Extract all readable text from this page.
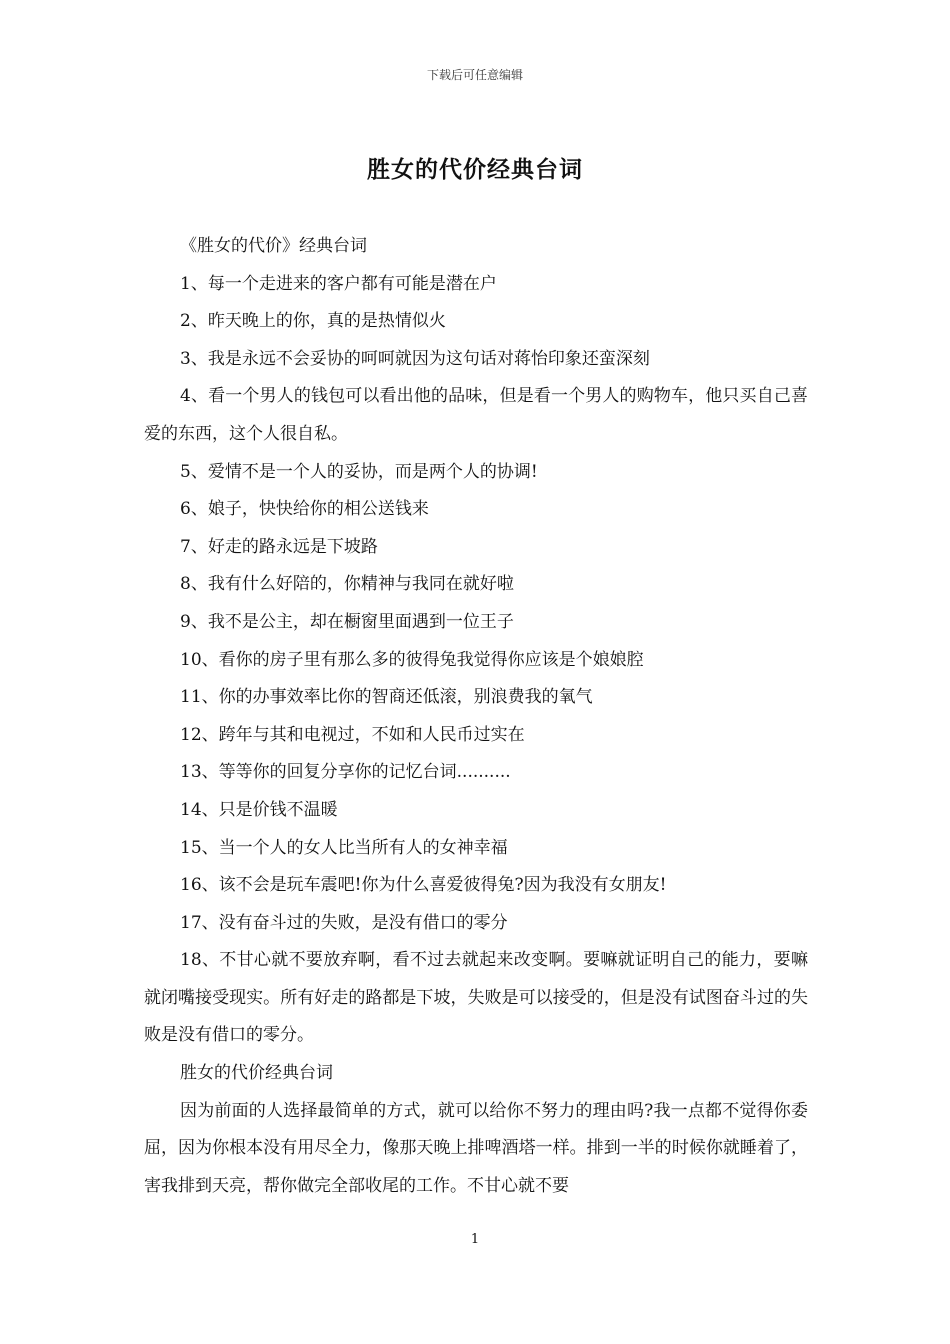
下载后可任意编辑
胜女的代价经典台词

《胜女的代价》经典台词

1、每一个走进来的客户都有可能是潜在户

2、昨天晚上的你，真的是热情似火

3、我是永远不会妥协的呵呵就因为这句话对蒋怡印象还蛮深刻

4、看一个男人的钱包可以看出他的品味，但是看一个男人的购物车，他只买自己喜爱的东西，这个人很自私。

5、爱情不是一个人的妥协，而是两个人的协调!

6、娘子，快快给你的相公送钱来

7、好走的路永远是下坡路

8、我有什么好陪的，你精神与我同在就好啦

9、我不是公主，却在橱窗里面遇到一位王子

10、看你的房子里有那么多的彼得兔我觉得你应该是个娘娘腔

11、你的办事效率比你的智商还低滚，别浪费我的氧气

12、跨年与其和电视过，不如和人民币过实在

13、等等你的回复分享你的记忆台词..........

14、只是价钱不温暖

15、当一个人的女人比当所有人的女神幸福

16、该不会是玩车震吧!你为什么喜爱彼得兔?因为我没有女朋友!

17、没有奋斗过的失败，是没有借口的零分

18、不甘心就不要放弃啊，看不过去就起来改变啊。要嘛就证明自己的能力，要嘛就闭嘴接受现实。所有好走的路都是下坡，失败是可以接受的，但是没有试图奋斗过的失败是没有借口的零分。

胜女的代价经典台词

因为前面的人选择最简单的方式，就可以给你不努力的理由吗?我一点都不觉得你委屈，因为你根本没有用尽全力，像那天晚上排啤酒塔一样。排到一半的时候你就睡着了，害我排到天亮，帮你做完全部收尾的工作。不甘心就不要

1
